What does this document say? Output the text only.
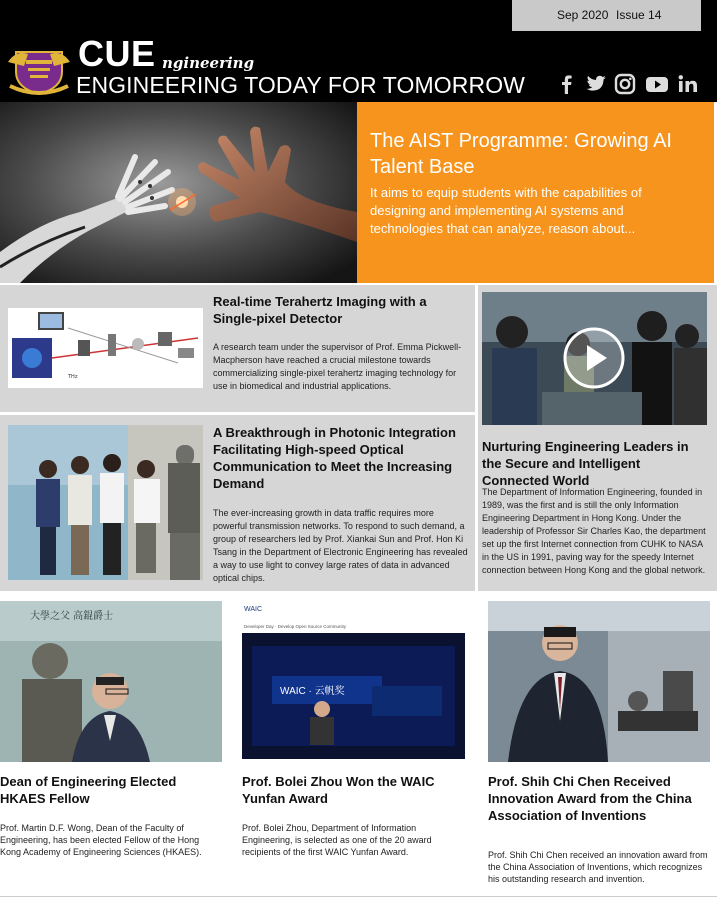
Sep 2020 Issue 14
CUE ngineering
ENGINEERING TODAY FOR TOMORROW
The AIST Programme: Growing AI Talent Base
It aims to equip students with the capabilities of designing and implementing AI systems and technologies that can analyze, reason about...
THz
Real-time Terahertz Imaging with a Single-pixel Detector
A research team under the supervisor of Prof. Emma Pickwell-Macpherson have reached a crucial milestone towards commercializing single-pixel terahertz imaging technology for use in biomedical and industrial applications.
A Breakthrough in Photonic Integration Facilitating High-speed Optical Communication to Meet the Increasing Demand
The ever-increasing growth in data traffic requires more powerful transmission networks. To respond to such demand, a group of researchers led by Prof. Xiankai Sun and Prof. Hon Ki Tsang in the Department of Electronic Engineering has revealed a way to use light to convey large rates of data in advanced optical chips.
Nurturing Engineering Leaders in the Secure and Intelligent Connected World
The Department of Information Engineering, founded in 1989, was the first and is still the only Information Engineering Department in Hong Kong. Under the leadership of Professor Sir Charles Kao, the department set up the first Internet connection from CUHK to NASA in the US in 1991, paving way for the speedy Internet connection between Hong Kong and the global network.
大學之父 高錕爵士
Dean of Engineering Elected HKAES Fellow
Prof. Martin D.F. Wong, Dean of the Faculty of Engineering, has been elected Fellow of the Hong Kong Academy of Engineering Sciences (HKAES).
WAIC
Developer Day · Develop Open Source Community
WAIC · 云帆奖
Prof. Bolei Zhou Won the WAIC Yunfan Award
Prof. Bolei Zhou, Department of Information Engineering, is selected as one of the 20 award recipients of the first WAIC Yunfan Award.
Prof. Shih Chi Chen Received Innovation Award from the China Association of Inventions
Prof. Shih Chi Chen received an innovation award from the China Association of Inventions, which recognizes his outstanding research and invention.
